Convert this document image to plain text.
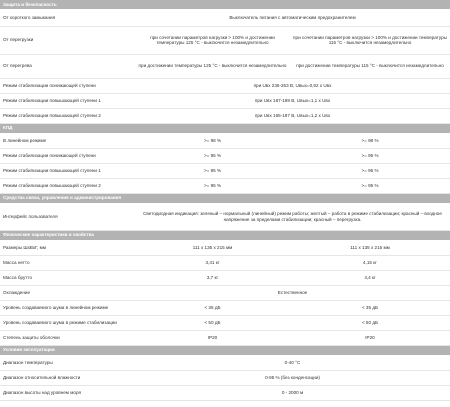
Защита и безопасность		
От короткого замыкания	Выключатель питания с автоматическим предохранителем	
От перегрузки	при сочетании параметров нагрузки > 100% и достижении температуры 125 °С - выключится незамедлительно	при сочетании параметров нагрузки > 100% и достижении температуры 115 °С - выключится незамедлительно
От перегрева	при достижении температуры 125 °С - выключится незамедлительно	при достижении температуры 115 °С - выключится незамедлительно
Режим стабилизации понижающей ступени	при Uвх 236-253 В, Uвых=0,92 х Uвх	
Режим стабилизации повышающей ступени 1	при Uвх 187-198 В, Uвых=1,1 х Uвх	
Режим стабилизации повышающей ступени 2	при Uвх 165-187 В, Uвых=1,2 х Uвх	
КПД		
В линейном режиме	>= 98 %	>= 98 %
Режим стабилизации понижающей ступени	>= 95 %	>= 95 %
Режим стабилизации повышающей ступени 1	>= 95 %	>= 95 %
Режим стабилизации повышающей ступени 2	>= 95 %	>= 95 %
Средства связи, управления и администрирования		
Интерфейс пользователя	Светодиодная индикация: зеленый – нормальный (линейный) режим работы; желтый – работа в режиме стабилизации; красный – входное напряжение за пределами стабилизации; красный – перегрузка.	
Физические характеристики и свойства		
Размеры ШхВхГ, мм	111 х 135 х 215 мм	111 х 135 х 215 мм
Масса нетто	3,41 кг	4,15 кг
Масса брутто	3,7 кг	4,4 кг
Охлаждение	Естественное	
Уровень создаваемого шума в линейном режиме	< 35 дБ	< 35 дБ
Уровень создаваемого шума в режиме стабилизации	< 50 дБ	< 50 дБ
Степень защиты оболочки	IP20	IP20
Условия эксплуатации		
Диапазон температуры	0-40 °С	
Диапазон относительной влажности	0-95 % (без конденсации)	
Диапазон высоты над уровнем моря	0 - 2000 м	
